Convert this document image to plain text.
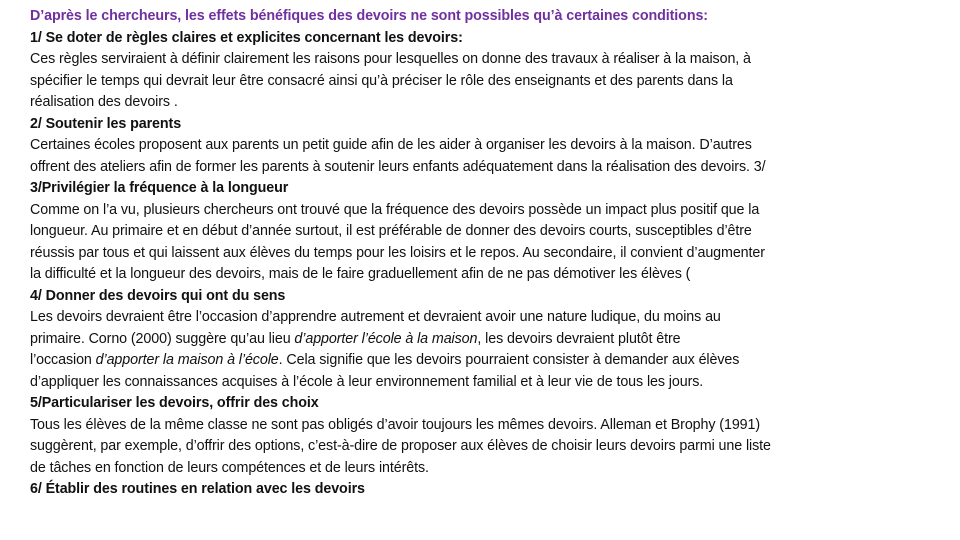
D’après le chercheurs, les effets bénéfiques des devoirs ne sont possibles qu’à certaines conditions:
1/ Se doter de règles claires et explicites concernant les devoirs:
Ces règles serviraient à définir clairement les raisons pour lesquelles on donne des travaux à réaliser à la maison, à
spécifier le temps qui devrait leur être consacré ainsi qu’à préciser le rôle des enseignants et des parents dans la
réalisation des devoirs .
2/ Soutenir les parents
Certaines écoles proposent aux parents un petit guide afin de les aider à organiser les devoirs à la maison. D’autres
offrent des ateliers afin de former les parents à soutenir leurs enfants adéquatement dans la réalisation des devoirs. 3/
3/Privilégier la fréquence à la longueur
Comme on l’a vu, plusieurs chercheurs ont trouvé que la fréquence des devoirs possède un impact plus positif que la
longueur. Au primaire et en début d’année surtout, il est préférable de donner des devoirs courts, susceptibles d’être
réussis par tous et qui laissent aux élèves du temps pour les loisirs et le repos. Au secondaire, il convient d’augmenter
la difficulté et la longueur des devoirs, mais de le faire graduellement afin de ne pas démotiver les élèves (
4/ Donner des devoirs qui ont du sens
Les devoirs devraient être l’occasion d’apprendre autrement et devraient avoir une nature ludique, du moins au
primaire. Corno (2000) suggère qu’au lieu d’apporter l’école à la maison, les devoirs devraient plutôt être
l’occasion d’apporter la maison à l’école. Cela signifie que les devoirs pourraient consister à demander aux élèves
d’appliquer les connaissances acquises à l’école à leur environnement familial et à leur vie de tous les jours.
5/Particulariser les devoirs, offrir des choix
Tous les élèves de la même classe ne sont pas obligés d’avoir toujours les mêmes devoirs. Alleman et Brophy (1991)
suggèrent, par exemple, d’offrir des options, c’est-à-dire de proposer aux élèves de choisir leurs devoirs parmi une liste
de tâches en fonction de leurs compétences et de leurs intérêts.
6/ Établir des routines en relation avec les devoirs
